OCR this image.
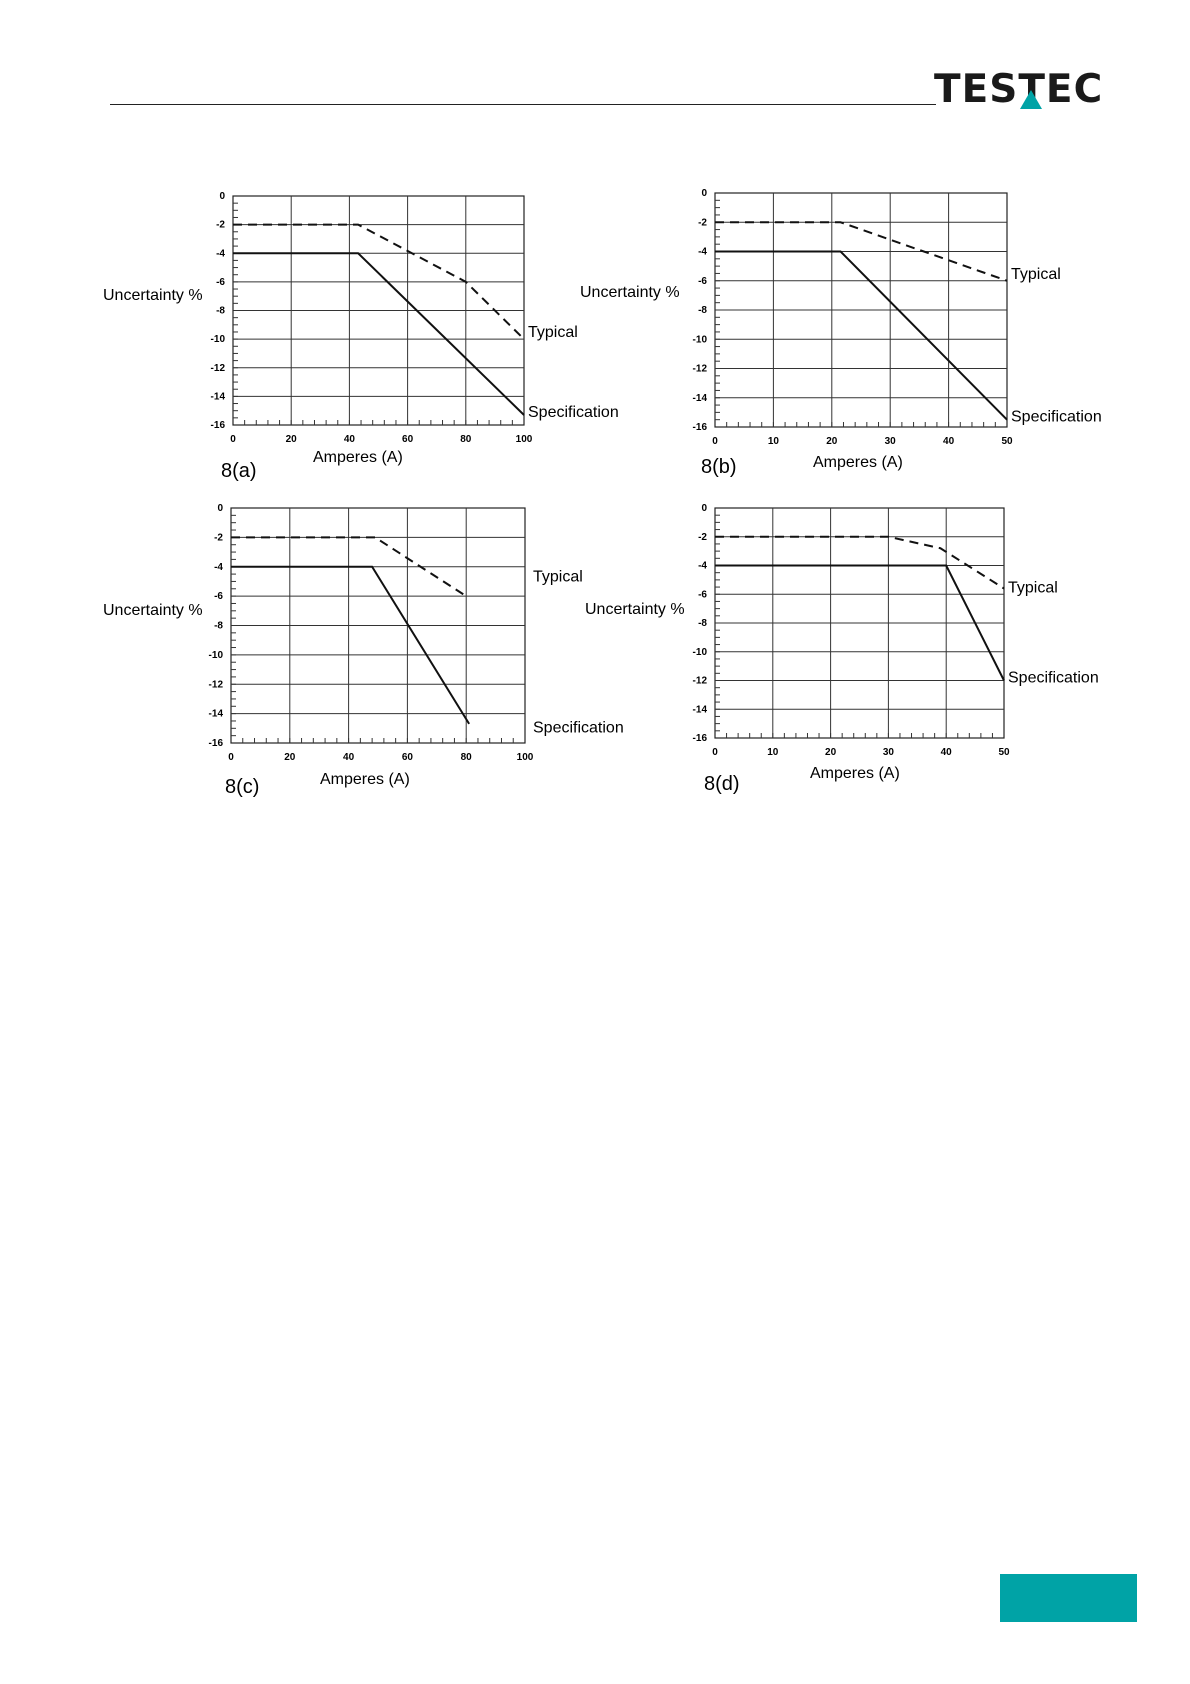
TESTEC
0	20	40	60	80	100
0
-2
-4
-6
-8
-10
-12
-14
-16
Uncertainty %
Amperes (A)
8(a)
Typical
Specification
0	10	20	30	40	50
0
-2
-4
-6
-8
-10
-12
-14
-16
Uncertainty %
Amperes (A)
8(b)
Typical
Specification
0	20	40	60	80	100
0
-2
-4
-6
-8
-10
-12
-14
-16
Uncertainty %
Amperes (A)
8(c)
Typical
Specification
0	10	20	30	40	50
0
-2
-4
-6
-8
-10
-12
-14
-16
Uncertainty %
Amperes (A)
8(d)
Typical
Specification
